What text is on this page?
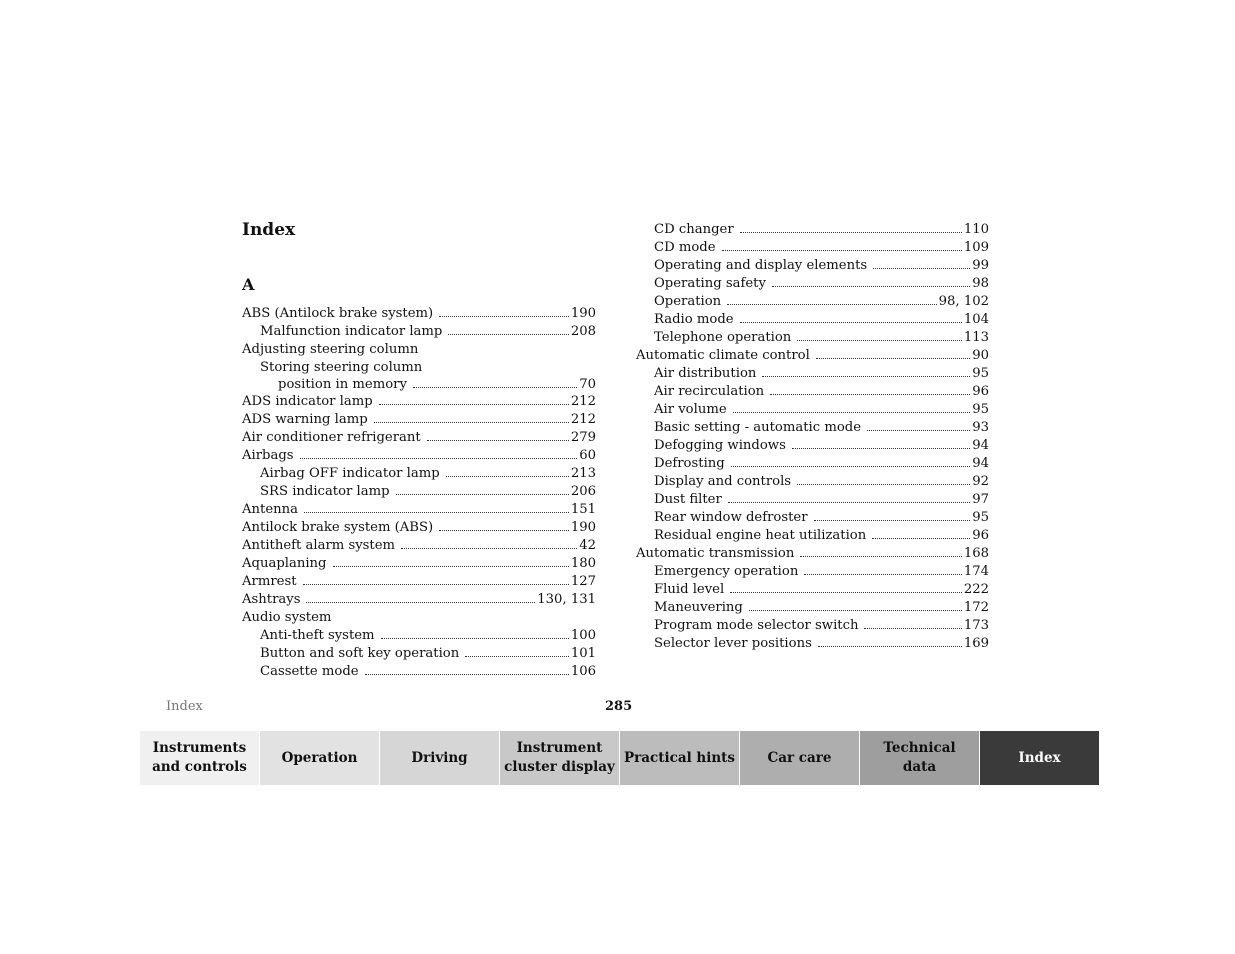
Index
A
ABS (Antilock brake system)	190
Malfunction indicator lamp	208
Adjusting steering column
Storing steering column
position in memory	70
ADS indicator lamp	212
ADS warning lamp	212
Air conditioner refrigerant	279
Airbags	60
Airbag OFF indicator lamp	213
SRS indicator lamp	206
Antenna	151
Antilock brake system (ABS)	190
Antitheft alarm system	42
Aquaplaning	180
Armrest	127
Ashtrays	130, 131
Audio system
Anti-theft system	100
Button and soft key operation	101
Cassette mode	106
CD changer	110
CD mode	109
Operating and display elements	99
Operating safety	98
Operation	98, 102
Radio mode	104
Telephone operation	113
Automatic climate control	90
Air distribution	95
Air recirculation	96
Air volume	95
Basic setting - automatic mode	93
Defogging windows	94
Defrosting	94
Display and controls	92
Dust filter	97
Rear window defroster	95
Residual engine heat utilization	96
Automatic transmission	168
Emergency operation	174
Fluid level	222
Maneuvering	172
Program mode selector switch	173
Selector lever positions	169
Index	285
Instruments
and controls
Operation	Driving
Instrument
cluster display
Practical hints Car care
Technical
data
Index
